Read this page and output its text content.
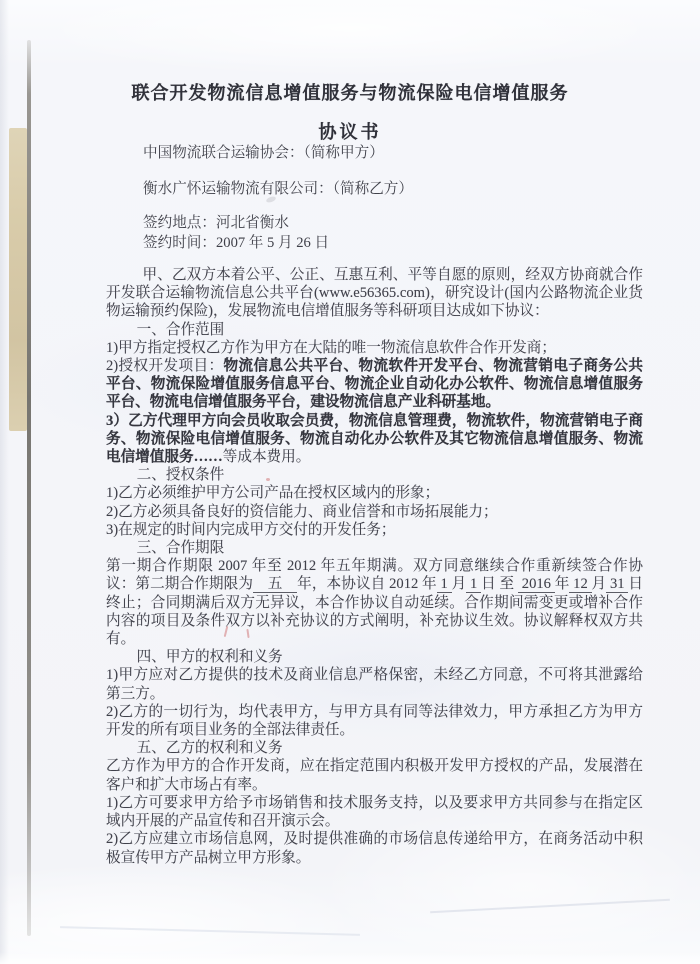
联合开发物流信息增值服务与物流保险电信增值服务
协议书
中国物流联合运输协会：（简称甲方）
衡水广怀运输物流有限公司：（简称乙方）
签约地点：河北省衡水
签约时间：2007 年 5 月 26 日
甲、乙双方本着公平、公正、互惠互利、平等自愿的原则，经双方协商就合作开发联合运输物流信息公共平台(www.e56365.com)，研究设计(国内公路物流企业货物运输预约保险)，发展物流电信增值服务等科研项目达成如下协议：
一、合作范围
1)甲方指定授权乙方作为甲方在大陆的唯一物流信息软件合作开发商；
2)授权开发项目：物流信息公共平台、物流软件开发平台、物流营销电子商务公共平台、物流保险增值服务信息平台、物流企业自动化办公软件、物流信息增值服务平台、物流电信增值服务平台，建设物流信息产业科研基地。
3）乙方代理甲方向会员收取会员费，物流信息管理费，物流软件，物流营销电子商务、物流保险电信增值服务、物流自动化办公软件及其它物流信息增值服务、物流电信增值服务……等成本费用。
二、授权条件
1)乙方必须维护甲方公司产品在授权区域内的形象；
2)乙方必须具备良好的资信能力、商业信誉和市场拓展能力；
3)在规定的时间内完成甲方交付的开发任务；
三、合作期限
第一期合作期限 2007 年至 2012 年五年期满。双方同意继续合作重新续签合作协议：第二期合作期限为　五　年，本协议自 2012 年 1 月 1 日 至  2016 年 12 月 31 日终止；合同期满后双方无异议，本合作协议自动延续。合作期间需变更或增补合作内容的项目及条件双方以补充协议的方式阐明，补充协议生效。协议解释权双方共有。
四、甲方的权利和义务
1)甲方应对乙方提供的技术及商业信息严格保密，未经乙方同意，不可将其泄露给第三方。
2)乙方的一切行为，均代表甲方，与甲方具有同等法律效力，甲方承担乙方为甲方开发的所有项目业务的全部法律责任。
五、乙方的权利和义务
乙方作为甲方的合作开发商，应在指定范围内积极开发甲方授权的产品，发展潜在客户和扩大市场占有率。
1)乙方可要求甲方给予市场销售和技术服务支持，以及要求甲方共同参与在指定区域内开展的产品宣传和召开演示会。
2)乙方应建立市场信息网，及时提供准确的市场信息传递给甲方，在商务活动中积极宣传甲方产品树立甲方形象。
